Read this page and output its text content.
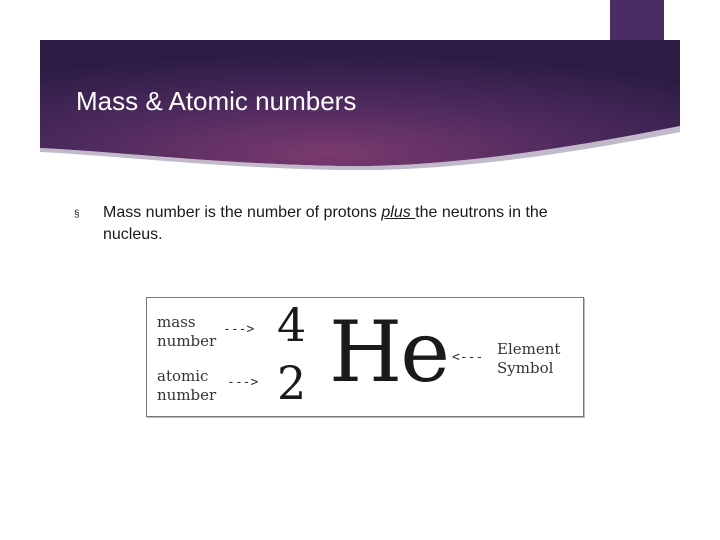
Mass & Atomic numbers
§ Mass number is the number of protons plus the neutrons in the nucleus.
mass
number
--->
atomic
number
--->
4
2 He <--- Element
Symbol
